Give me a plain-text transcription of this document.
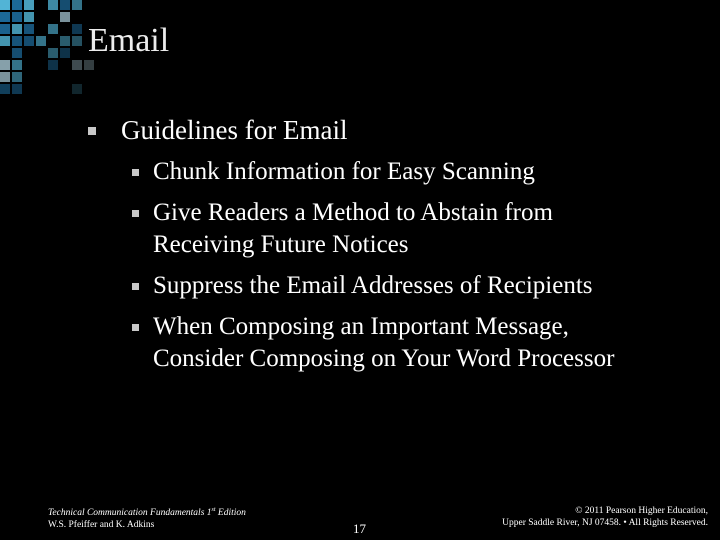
Email
Guidelines for Email
Chunk Information for Easy Scanning
Give Readers a Method to Abstain from
Receiving Future Notices
Suppress the Email Addresses of Recipients
When Composing an Important Message,
Consider Composing on Your Word Processor
Technical Communication Fundamentals 1st Edition
W.S. Pfeiffer and K. Adkins	17
© 2011 Pearson Higher Education,
Upper Saddle River, NJ 07458. • All Rights Reserved.
